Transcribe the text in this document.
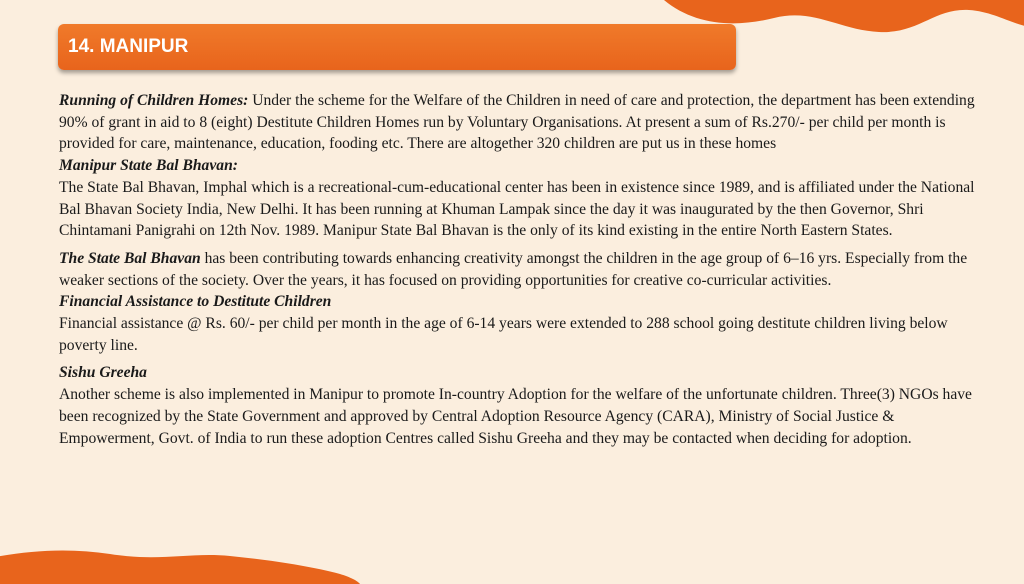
14. MANIPUR

Running of Children Homes: Under the scheme for the Welfare of the Children in need of care and protection, the department has been extending 90% of grant in aid to 8 (eight) Destitute Children Homes run by Voluntary Organisations. At present a sum of Rs.270/- per child per month is provided for care, maintenance, education, fooding etc. There are altogether 320 children are put us in these homes

Manipur State Bal Bhavan:

The State Bal Bhavan, Imphal which is a recreational-cum-educational center has been in existence since 1989, and is affiliated under the National Bal Bhavan Society India, New Delhi. It has been running at Khuman Lampak since the day it was inaugurated by the then Governor, Shri Chintamani Panigrahi on 12th Nov. 1989. Manipur State Bal Bhavan is the only of its kind existing in the entire North Eastern States.

The State Bal Bhavan has been contributing towards enhancing creativity amongst the children in the age group of 6–16 yrs. Especially from the weaker sections of the society. Over the years, it has focused on providing opportunities for creative co-curricular activities.

Financial Assistance to Destitute Children

Financial assistance @ Rs. 60/- per child per month in the age of 6-14 years were extended to 288 school going destitute children living below poverty line.

Sishu Greeha

Another scheme is also implemented in Manipur to promote In-country Adoption for the welfare of the unfortunate children. Three(3) NGOs have been recognized by the State Government and approved by Central Adoption Resource Agency (CARA), Ministry of Social Justice & Empowerment, Govt. of India to run these adoption Centres called Sishu Greeha and they may be contacted when deciding for adoption.
